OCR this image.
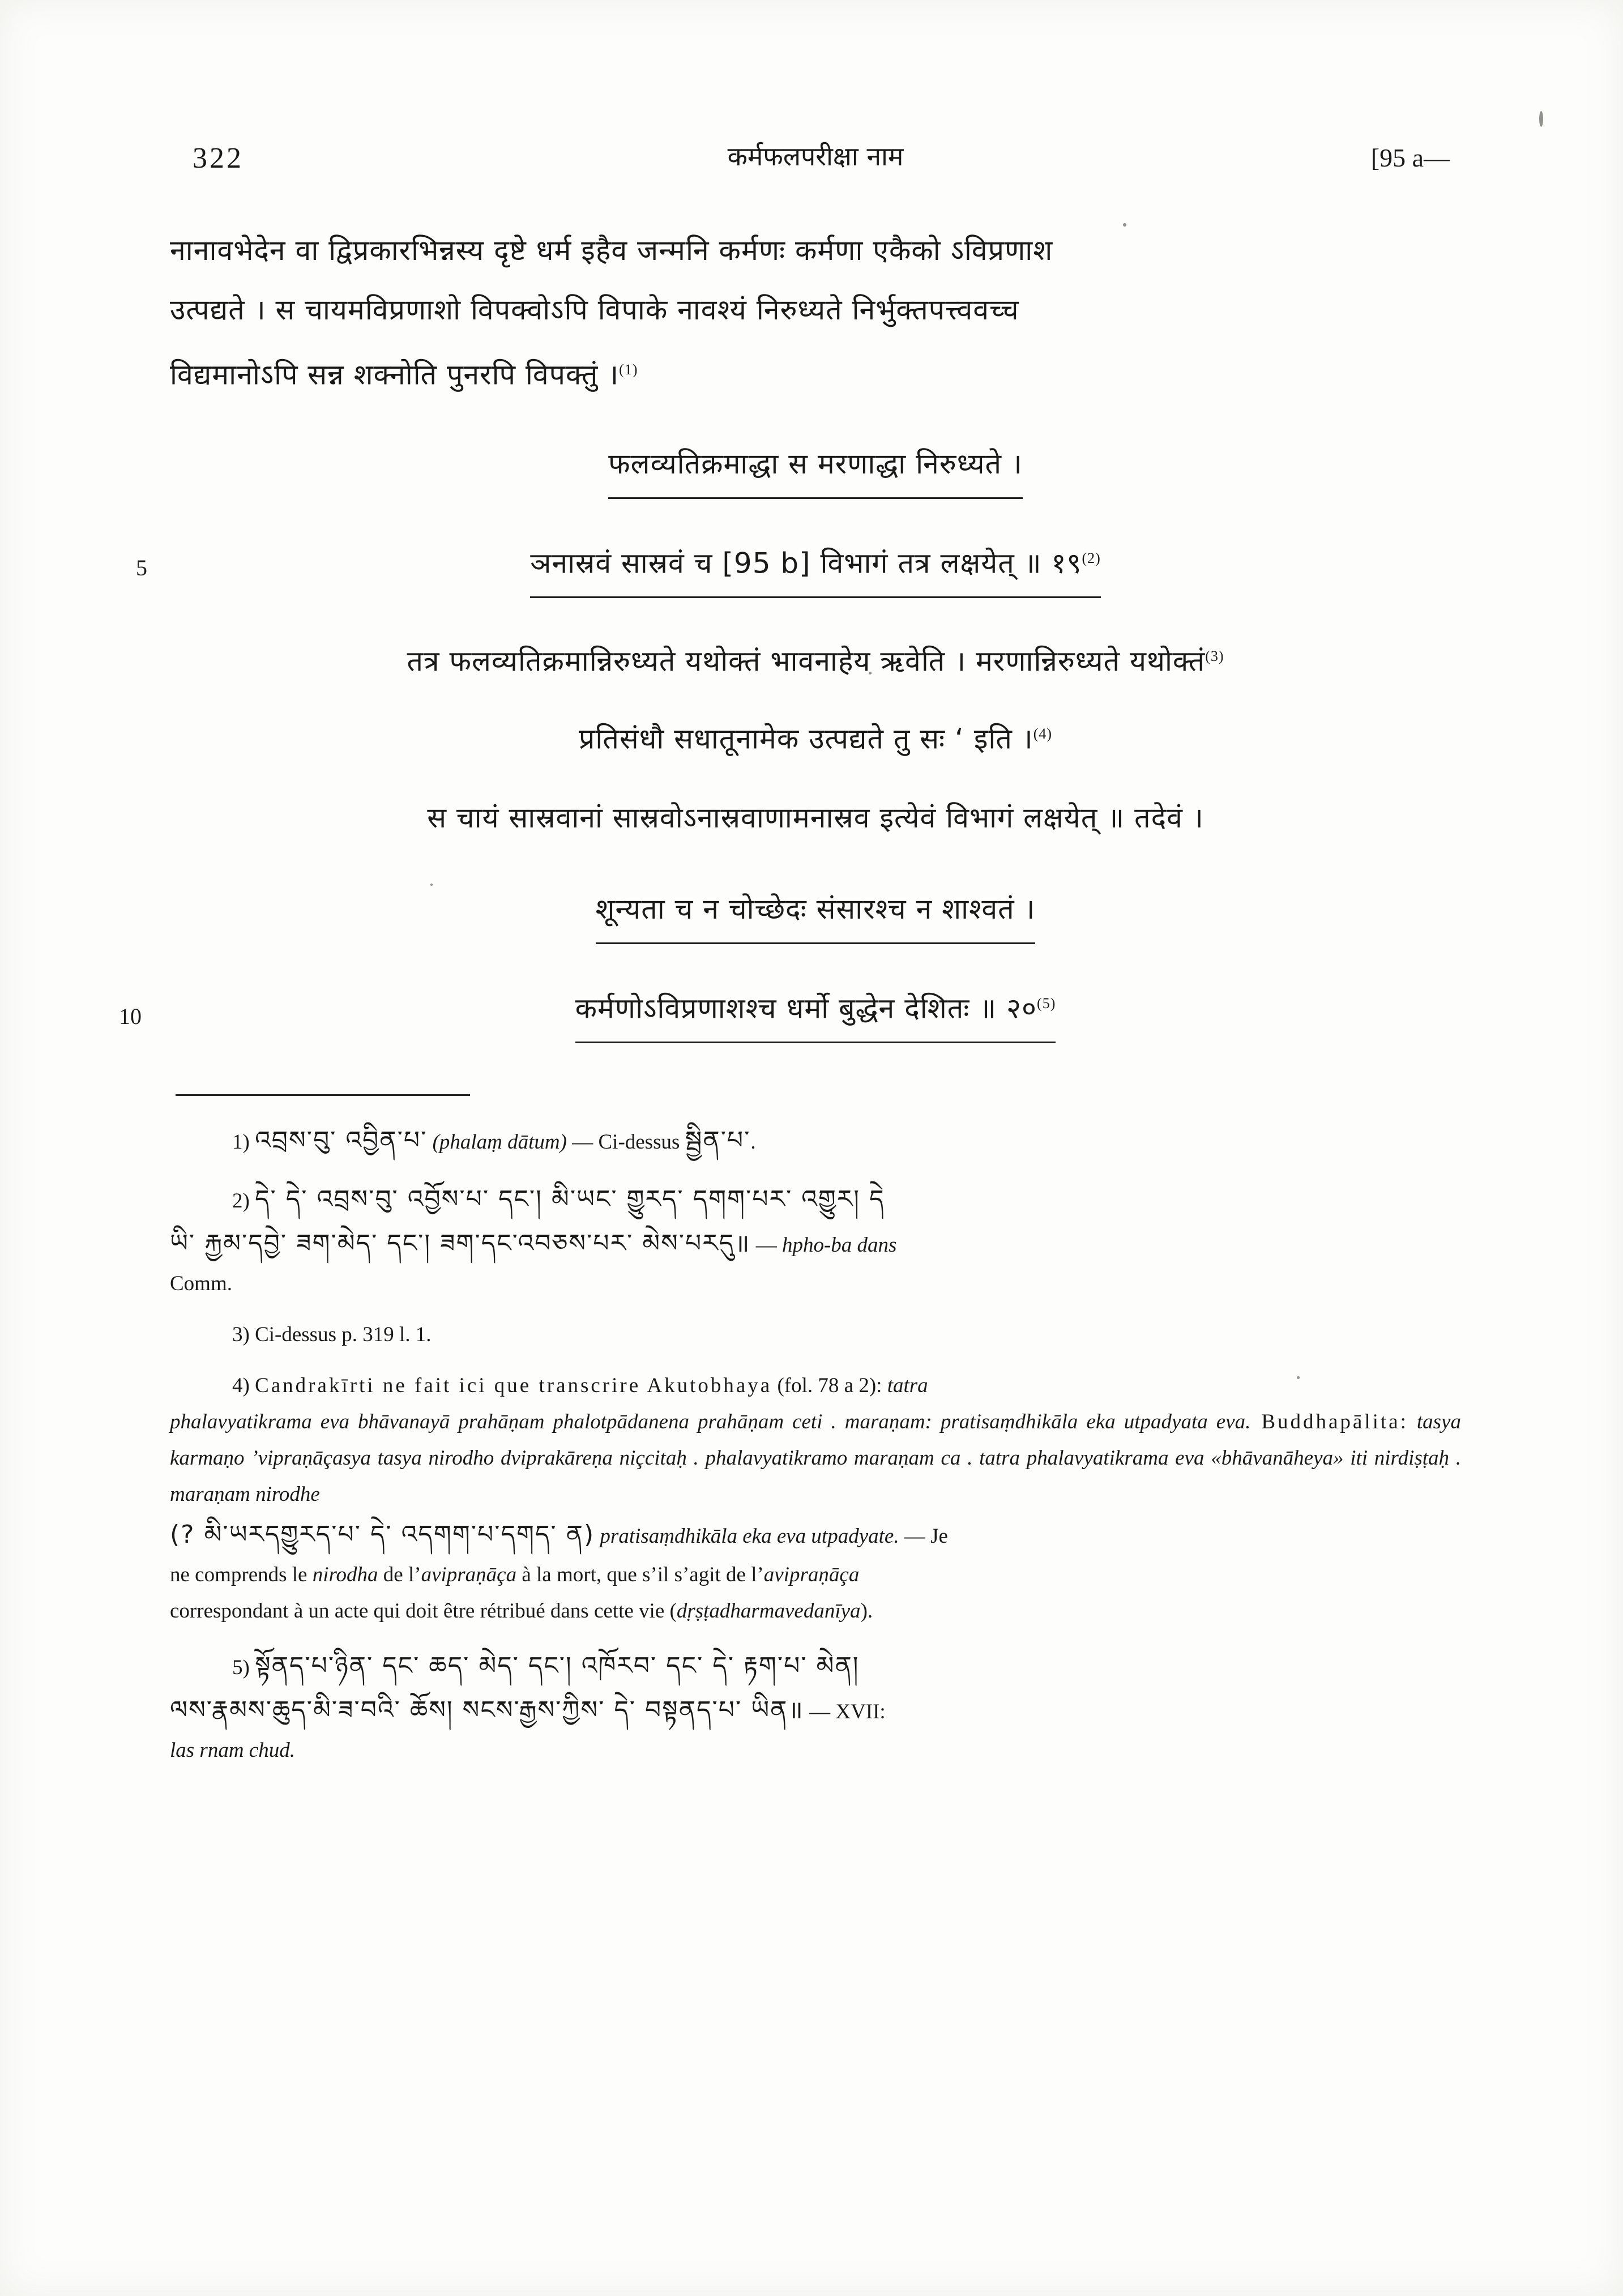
322	कर्मफलपरीक्षा नाम	[95 a—
नानावभेदेन वा द्विप्रकारभिन्नस्य दृष्टे धर्म इहैव जन्मनि कर्मणः कर्मणा एकैको ऽविप्रणाश
उत्पद्यते । स चायमविप्रणाशो विपक्वोऽपि विपाके नावश्यं निरुध्यते निर्भुक्तपत्त्ववच्च
विद्यमानोऽपि सन्न शक्नोति पुनरपि विपक्तुं ।$^{(1)}$
फलव्यतिक्रमाद्धा स मरणाद्धा निरुध्यते ।
5	ञनास्रवं सास्रवं च [95 b] विभागं तत्र लक्षयेत् ॥ १९$^{(2)}$
तत्र फलव्यतिक्रमान्निरुध्यते यथोक्तं भावनाहेय ऋवेति । मरणान्निरुध्यते यथोक्तं$^{(3)}$
प्रतिसंधौ सधातूनामेक उत्पद्यते तु सः ‘ इति ।$^{(4)}$
स चायं सास्रवानां सास्रवोऽनास्रवाणामनास्रव इत्येवं विभागं लक्षयेत् ॥ तदेवं ।
शून्यता च न चोच्छेदः संसारश्च न शाश्वतं ।
10	कर्मणोऽविप्रणाशश्च धर्मो बुद्धेन देशितः ॥ २०$^{(5)}$

1) འབྲས་བུ་ འབྱིན་པ་ (phalaṃ dātum) — Ci-dessus སྦྱིན་པ་.

2) དེ་ དེ་ འབྲས་བུ་ འབྱོས་པ་ དང་། མི་ཡང་ གྱུརད་ དགག་པར་ འགྱུར། དེ

ཡི་ རྐྱམ་དབྱེ་ ཟག་མེད་ དང་། ཟག་དང་འབཅས་པར་ མེས་པརདུ॥ — hpho-ba dans

Comm.

3) Ci-dessus p. 319 l. 1.

4) Candrakīrti ne fait ici que transcrire Akutobhaya (fol. 78 a 2): tatra

phalavyatikrama eva bhāvanayā prahāṇam phalotpādanena prahāṇam ceti . maraṇam: pratisaṃdhikāla eka utpadyata eva. Buddhapālita: tasya karmaṇo ’vipraṇāçasya tasya nirodho dviprakāreṇa niçcitaḥ . phalavyatikramo maraṇam ca . tatra phalavyatikrama eva «bhāvanāheya» iti nirdiṣṭaḥ . maraṇam nirodhe

(? མི་ཡརདགྱུརད་པ་ དེ་ འདགག་པ་དགད་ ན) pratisaṃdhikāla eka eva utpadyate. — Je

ne comprends le nirodha de l’avipraṇāça à la mort, que s’il s’agit de l’avipraṇāça

correspondant à un acte qui doit être rétribué dans cette vie (dṛṣṭadharmavedanīya).

5) སྟོནད་པ་ཉིན་ དང་ ཆད་ མེད་ དང་། འཁོརབ་ དང་ དེ་ རྟག་པ་ མེན།

ལས་རྣམས་ཆུད་མི་ཟ་བའི་ ཆོས། སངས་རྒྱས་ཀྱིས་ དེ་ བསྟནད་པ་ ཡིན॥ — XVII:

las rnam chud.
